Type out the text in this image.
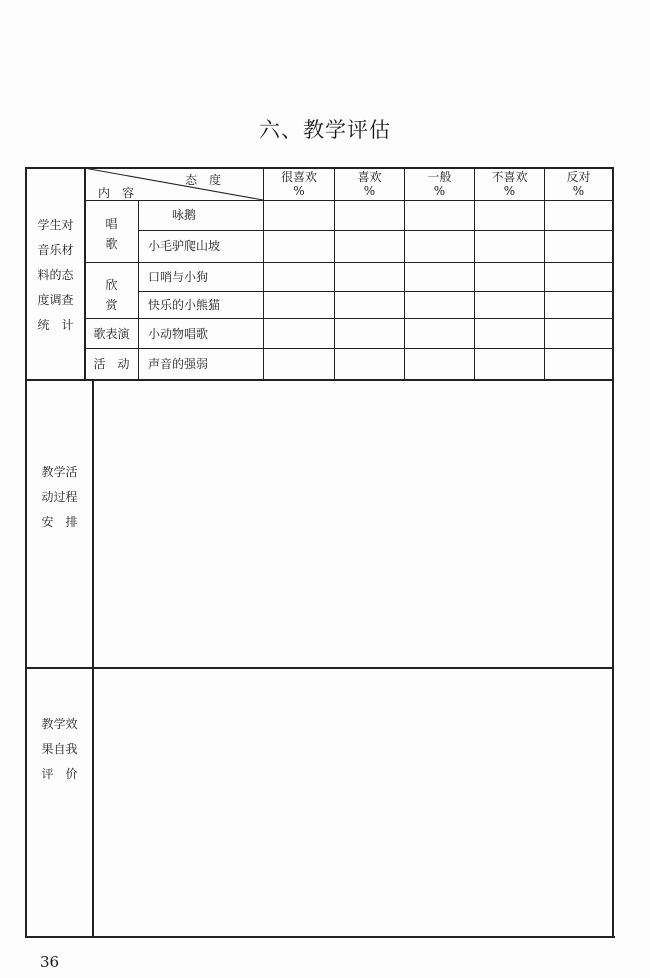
六、教学评估
学生对
音乐材
料的态
度调查
统　计
态　度
内　容
很喜欢
%
喜欢
%
一般
%
不喜欢
%
反对
%
唱
歌
欣
赏
歌表演
活　动
咏鹅
小毛驴爬山坡
口哨与小狗
快乐的小熊猫
小动物唱歌
声音的强弱
教学活
动过程
安　排
教学效
果自我
评　价
36
